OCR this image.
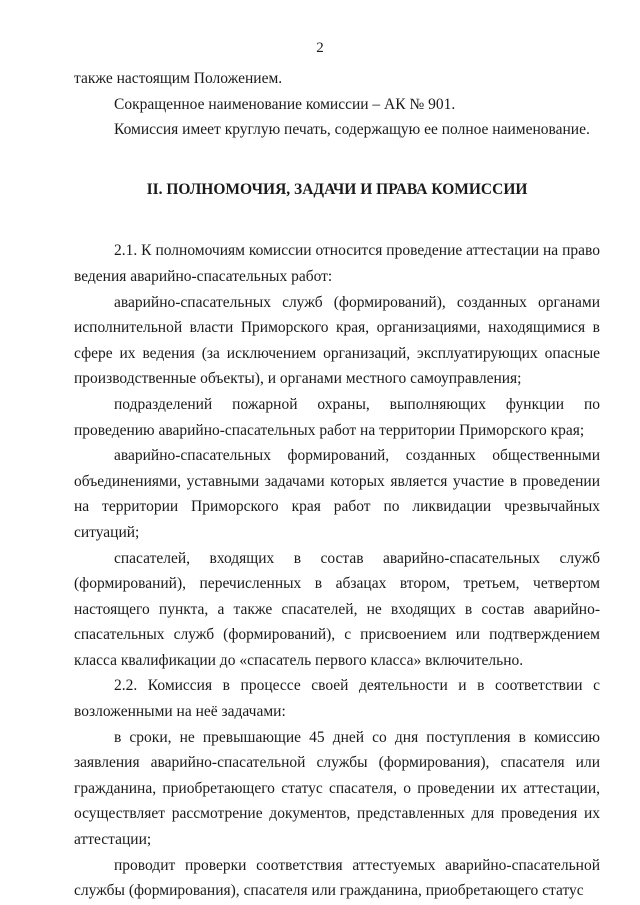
2

также настоящим Положением.

Сокращенное наименование комиссии – АК № 901.

Комиссия имеет круглую печать, содержащую ее полное наименование.

II. ПОЛНОМОЧИЯ, ЗАДАЧИ И ПРАВА КОМИССИИ

2.1. К полномочиям комиссии относится проведение аттестации на право ведения аварийно-спасательных работ:

аварийно-спасательных служб (формирований), созданных органами исполнительной власти Приморского края, организациями, находящимися в сфере их ведения (за исключением организаций, эксплуатирующих опасные производственные объекты), и органами местного самоуправления;

подразделений пожарной охраны, выполняющих функции по проведению аварийно-спасательных работ на территории Приморского края;

аварийно-спасательных формирований, созданных общественными объединениями, уставными задачами которых является участие в проведении на территории Приморского края работ по ликвидации чрезвычайных ситуаций;

спасателей, входящих в состав аварийно-спасательных служб (формирований), перечисленных в абзацах втором, третьем, четвертом настоящего пункта, а также спасателей, не входящих в состав аварийно-спасательных служб (формирований), с присвоением или подтверждением класса квалификации до «спасатель первого класса» включительно.

2.2. Комиссия в процессе своей деятельности и в соответствии с возложенными на неё задачами:

в сроки, не превышающие 45 дней со дня поступления в комиссию заявления аварийно-спасательной службы (формирования), спасателя или гражданина, приобретающего статус спасателя, о проведении их аттестации, осуществляет рассмотрение документов, представленных для проведения их аттестации;

проводит проверки соответствия аттестуемых аварийно-спасательной службы (формирования), спасателя или гражданина, приобретающего статус
